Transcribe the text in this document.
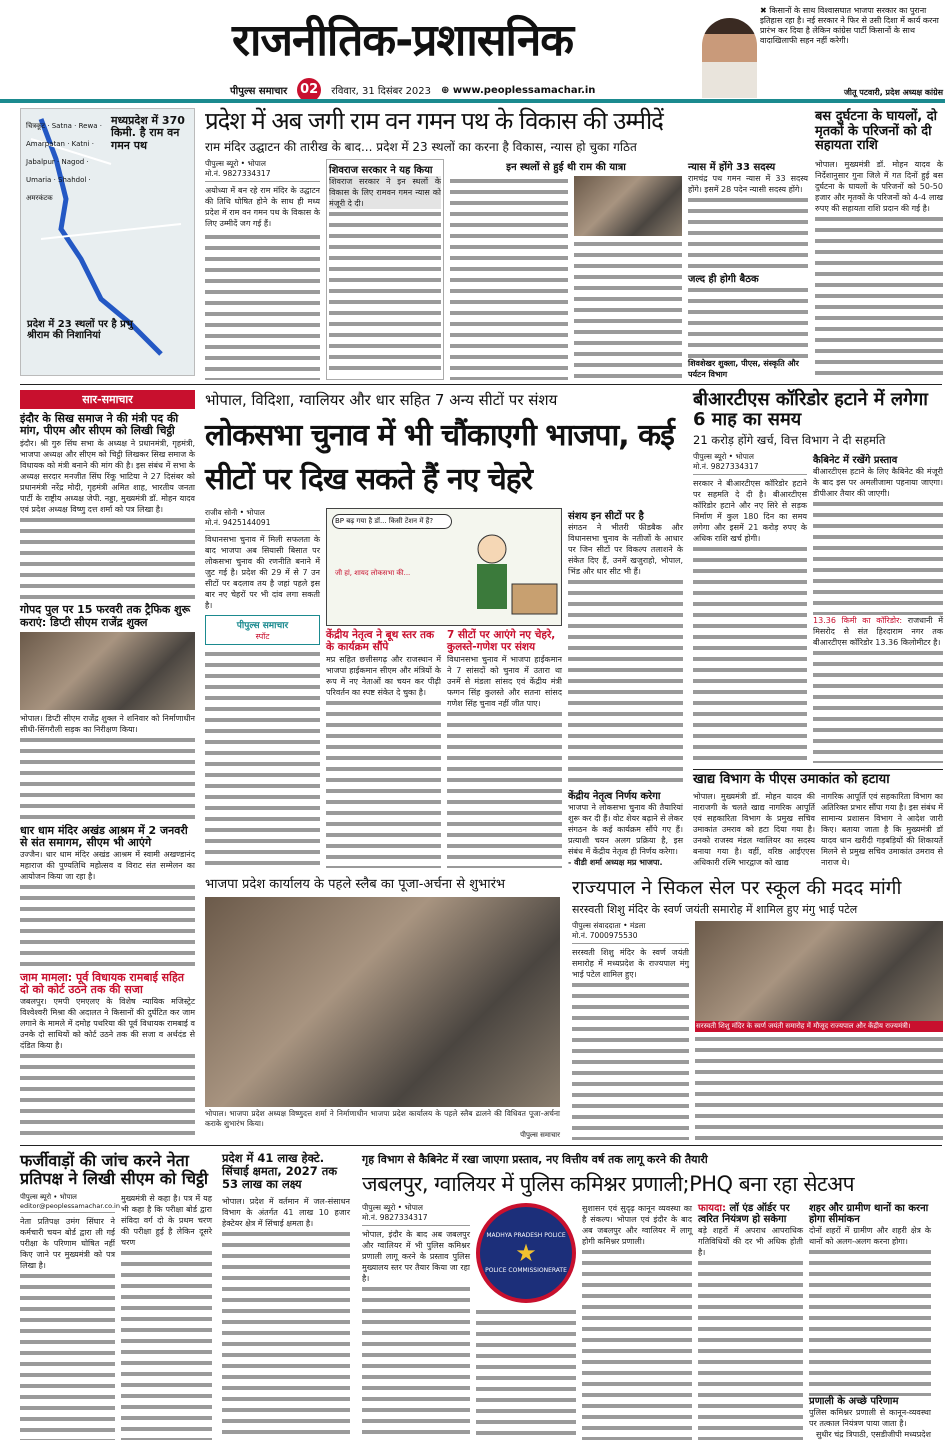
राजनीतिक-प्रशासनिक
पीपुल्स समाचार 02 रविवार, 31 दिसंबर 2023 ⊕ www.peoplessamachar.in
✖ किसानों के साथ विश्वासघात भाजपा सरकार का पुराना इतिहास रहा है। नई सरकार ने फिर से उसी दिशा में कार्य करना प्रारंभ कर दिया है लेकिन कांग्रेस पार्टी किसानों के साथ वादाखिलाफी सहन नहीं करेगी।
जीतू पटवारी, प्रदेश अध्यक्ष कांग्रेस
मध्यप्रदेश में 370 किमी. है राम वन गमन पथ
चित्रकूट · Satna · Rewa · Amarpatan · Katni · Jabalpur · Nagod · Umaria · Shahdol · अमरकंटक
प्रदेश में 23 स्थलों पर है प्रभु श्रीराम की निशानियां
प्रदेश में अब जगी राम वन गमन पथ के विकास की उम्मीदें
राम मंदिर उद्घाटन की तारीख के बाद... प्रदेश में 23 स्थलों का करना है विकास, न्यास हो चुका गठित
पीपुल्स ब्यूरो • भोपाल
मो.नं. 9827334317
अयोध्या में बन रहे राम मंदिर के उद्घाटन की तिथि घोषित होने के साथ ही मध्य प्रदेश में राम वन गमन पथ के विकास के लिए उम्मीदें जग गई हैं।
शिवराज सरकार ने यह किया
शिवराज सरकार ने इन स्थलों के विकास के लिए रामवन गमन न्यास को मंजूरी दे दी।
इन स्थलों से हुई थी राम की यात्रा	न्यास में होंगे 33 सदस्य
रामचंद्र पथ गमन न्यास में 33 सदस्य होंगे। इसमें 28 पदेन न्यासी सदस्य होंगे।
जल्द ही होगी बैठक
शिवशेखर शुक्ला, पीएस, संस्कृति और पर्यटन विभाग
बस दुर्घटना के घायलों, दो मृतकों के परिजनों को दी सहायता राशि
भोपाल। मुख्यमंत्री डॉ. मोहन यादव के निर्देशानुसार गुना जिले में गत दिनों हुई बस दुर्घटना के घायलों के परिजनों को 50-50 हजार और मृतकों के परिजनों को 4-4 लाख रुपए की सहायता राशि प्रदान की गई है।
सार-समाचार
इंदौर के सिख समाज ने की मंत्री पद की मांग, पीएम और सीएम को लिखी चिट्ठी
इंदौर। श्री गुरु सिंघ सभा के अध्यक्ष ने प्रधानमंत्री, गृहमंत्री, भाजपा अध्यक्ष और सीएम को चिट्ठी लिखकर सिख समाज के विधायक को मंत्री बनाने की मांग की है। इस संबंध में सभा के अध्यक्ष सरदार मनजीत सिंघ रिंकू भाटिया ने 27 दिसंबर को प्रधानमंत्री नरेंद्र मोदी, गृहमंत्री अमित शाह, भारतीय जनता पार्टी के राष्ट्रीय अध्यक्ष जेपी. नड्डा, मुख्यमंत्री डॉ. मोहन यादव एवं प्रदेश अध्यक्ष विष्णु दत्त शर्मा को पत्र लिखा है।
गोपद पुल पर 15 फरवरी तक ट्रैफिक शुरू कराएं: डिप्टी सीएम राजेंद्र शुक्ल
भोपाल। डिप्टी सीएम राजेंद्र शुक्ल ने शनिवार को निर्माणाधीन सीधी-सिंगरौली सड़क का निरीक्षण किया।
धार धाम मंदिर अखंड आश्रम में 2 जनवरी से संत समागम, सीएम भी आएंगे
उज्जैन। धार धाम मंदिर अखंड आश्रम में स्वामी अखण्डानंद महाराज की पुण्यतिथि महोत्सव व विराट संत सम्मेलन का आयोजन किया जा रहा है।
जाम मामला: पूर्व विधायक रामबाई सहित दो को कोर्ट उठने तक की सजा
जबलपुर। एमपी एमएलए के विशेष न्यायिक मजिस्ट्रेट विश्वेश्वरी मिश्रा की अदालत ने किसानों की दुर्घटित कर जाम लगाने के मामले में दमोह पथरिया की पूर्व विधायक रामबाई व उनके दो साथियों को कोर्ट उठने तक की सजा व अर्थदंड से दंडित किया है।
भोपाल, विदिशा, ग्वालियर और धार सहित 7 अन्य सीटों पर संशय
लोकसभा चुनाव में भी चौंकाएगी भाजपा, कई सीटों पर दिख सकते हैं नए चेहरे
राजीव सोनी • भोपाल
मो.नं. 9425144091
विधानसभा चुनाव में मिली सफलता के बाद भाजपा अब सियासी बिसात पर लोकसभा चुनाव की रणनीति बनाने में जुट गई है। प्रदेश की 29 में से 7 उन सीटों पर बदलाव तय है जहां पहले इस बार नए चेहरों पर भी दांव लगा सकती है।
पीपुल्स समाचार
स्पॉट
BP बढ़ गया है डॉ... किसी टेंशन में हैं?
जी हां, शायद लोकसभा की...
केंद्रीय नेतृत्व ने बूथ स्तर तक के कार्यक्रम सौंपे
मप्र सहित छत्तीसगढ़ और राजस्थान में भाजपा हाईकमान सीएम और मंत्रियों के रूप में नए नेताओं का चयन कर पीढ़ी परिवर्तन का स्पष्ट संकेत दे चुका है।
7 सीटों पर आएंगे नए चेहरे, कुलस्ते-गणेश पर संशय
विधानसभा चुनाव में भाजपा हाईकमान ने 7 सांसदों को चुनाव में उतारा था उनमें से मंडला सांसद एवं केंद्रीय मंत्री फग्गन सिंह कुलस्ते और सतना सांसद गणेश सिंह चुनाव नहीं जीत पाए।
संशय इन सीटों पर है
संगठन ने भीतरी फीडबैक और विधानसभा चुनाव के नतीजों के आधार पर जिन सीटों पर विकल्प तलाशने के संकेत दिए हैं, उनमें खजुराहो, भोपाल, भिंड और धार सीट भी हैं।
केंद्रीय नेतृत्व निर्णय करेगा
भाजपा ने लोकसभा चुनाव की तैयारियां शुरू कर दी हैं। वोट शेयर बढ़ाने से लेकर संगठन के कई कार्यक्रम सौंपे गए हैं। प्रत्याशी चयन अलग प्रक्रिया है, इस संबंध में केंद्रीय नेतृत्व ही निर्णय करेगा।
- वीडी शर्मा अध्यक्ष मप्र भाजपा.
बीआरटीएस कॉरिडोर हटाने में लगेगा 6 माह का समय
21 करोड़ होंगे खर्च, वित्त विभाग ने दी सहमति
पीपुल्स ब्यूरो • भोपाल
मो.नं. 9827334317
सरकार ने बीआरटीएस कॉरिडोर हटाने पर सहमति दे दी है। बीआरटीएस कॉरिडोर हटाने और नए सिरे से सड़क निर्माण में कुल 180 दिन का समय लगेगा और इसमें 21 करोड़ रुपए के अधिक राशि खर्च होगी।
कैबिनेट में रखेंगे प्रस्ताव
बीआरटीएस हटाने के लिए कैबिनेट की मंजूरी के बाद इस पर अमलीजामा पहनाया जाएगा। डीपीआर तैयार की जाएगी।
13.36 किमी का कॉरिडोर: राजधानी में मिसरोद से संत हिरदाराम नगर तक बीआरटीएस कॉरिडोर 13.36 किलोमीटर है।
खाद्य विभाग के पीएस उमाकांत को हटाया
भोपाल। मुख्यमंत्री डॉ. मोहन यादव की नाराजगी के चलते खाद्य नागरिक आपूर्ति एवं सहकारिता विभाग के प्रमुख सचिव उमाकांत उमराव को हटा दिया गया है। उनको राजस्व मंडल ग्वालियर का सदस्य बनाया गया है। वहीं, वरिष्ठ आईएएस अधिकारी रश्मि भारद्वाज को खाद्य
नागरिक आपूर्ति एवं सहकारिता विभाग का अतिरिक्त प्रभार सौंपा गया है। इस संबंध में सामान्य प्रशासन विभाग ने आदेश जारी किए। बताया जाता है कि मुख्यमंत्री डॉ यादव धान खरीदी गड़बड़ियों की शिकायतें मिलने से प्रमुख सचिव उमाकांत उमराव से नाराज थे।
भाजपा प्रदेश कार्यालय के पहले स्लैब का पूजा-अर्चना से शुभारंभ
भोपाल। भाजपा प्रदेश अध्यक्ष विष्णुदत्त शर्मा ने निर्माणाधीन भाजपा प्रदेश कार्यालय के पहले स्लैब ढालने की विधिवत पूजा-अर्चना कराके शुभारंभ किया।
पीपुल्स समाचार
राज्यपाल ने सिकल सेल पर स्कूल की मदद मांगी
सरस्वती शिशु मंदिर के स्वर्ण जयंती समारोह में शामिल हुए मंगु भाई पटेल
पीपुल्स संवाददाता • मंडला
मो.नं. 7000975530
सरस्वती शिशु मंदिर के स्वर्ण जयंती समारोह में मध्यप्रदेश के राज्यपाल मंगु भाई पटेल शामिल हुए।
सरस्वती शिशु मंदिर के स्वर्ण जयंती समारोह में मौजूद राज्यपाल और केंद्रीय राज्यमंत्री।
फर्जीवाड़ों की जांच करने नेता प्रतिपक्ष ने लिखी सीएम को चिट्ठी
पीपुल्स ब्यूरो • भोपाल
editor@peoplessamachar.co.in
नेता प्रतिपक्ष उमंग सिंघार ने कर्मचारी चयन बोर्ड द्वारा ली गई परीक्षा के परिणाम घोषित नहीं किए जाने पर मुख्यमंत्री को पत्र लिखा है।
मुख्यमंत्री से कहा है। पत्र में यह भी कहा है कि परीक्षा बोर्ड द्वारा संविदा वर्ग दो के प्रथम चरण की परीक्षा हुई है लेकिन दूसरे चरण
प्रदेश में 41 लाख हेक्टे. सिंचाई क्षमता, 2027 तक 53 लाख का लक्ष्य
भोपाल। प्रदेश में वर्तमान में जल-संसाधन विभाग के अंतर्गत 41 लाख 10 हजार हेक्टेयर क्षेत्र में सिंचाई क्षमता है।
गृह विभाग से कैबिनेट में रखा जाएगा प्रस्ताव, नए वित्तीय वर्ष तक लागू करने की तैयारी
जबलपुर, ग्वालियर में पुलिस कमिश्नर प्रणाली;PHQ बना रहा सेटअप
पीपुल्स ब्यूरो • भोपाल
मो.नं. 9827334317
भोपाल, इंदौर के बाद अब जबलपुर और ग्वालियर में भी पुलिस कमिश्नर प्रणाली लागू करने के प्रस्ताव पुलिस मुख्यालय स्तर पर तैयार किया जा रहा है।
MADHYA PRADESH POLICE
★
POLICE COMMISSIONERATE
सुशासन एवं सुदृढ़ कानून व्यवस्था का है संकल्प। भोपाल एवं इंदौर के बाद अब जबलपुर और ग्वालियर में लागू होगी कमिश्नर प्रणाली।
फायदा: लॉ एंड ऑर्डर पर त्वरित नियंत्रण हो सकेगा
बड़े शहरों में अपराध आपराधिक गतिविधियों की दर भी अधिक होती है।
शहर और ग्रामीण थानों का करना होगा सीमांकन
दोनों शहरों में ग्रामीण और शहरी क्षेत्र के थानों को अलग-अलग करना होगा।
प्रणाली के अच्छे परिणाम
पुलिस कमिश्नर प्रणाली से कानून-व्यवस्था पर तत्काल नियंत्रण पाया जाता है।
सुधीर चंद्र त्रिपाठी, एसडीजीपी मध्यप्रदेश
